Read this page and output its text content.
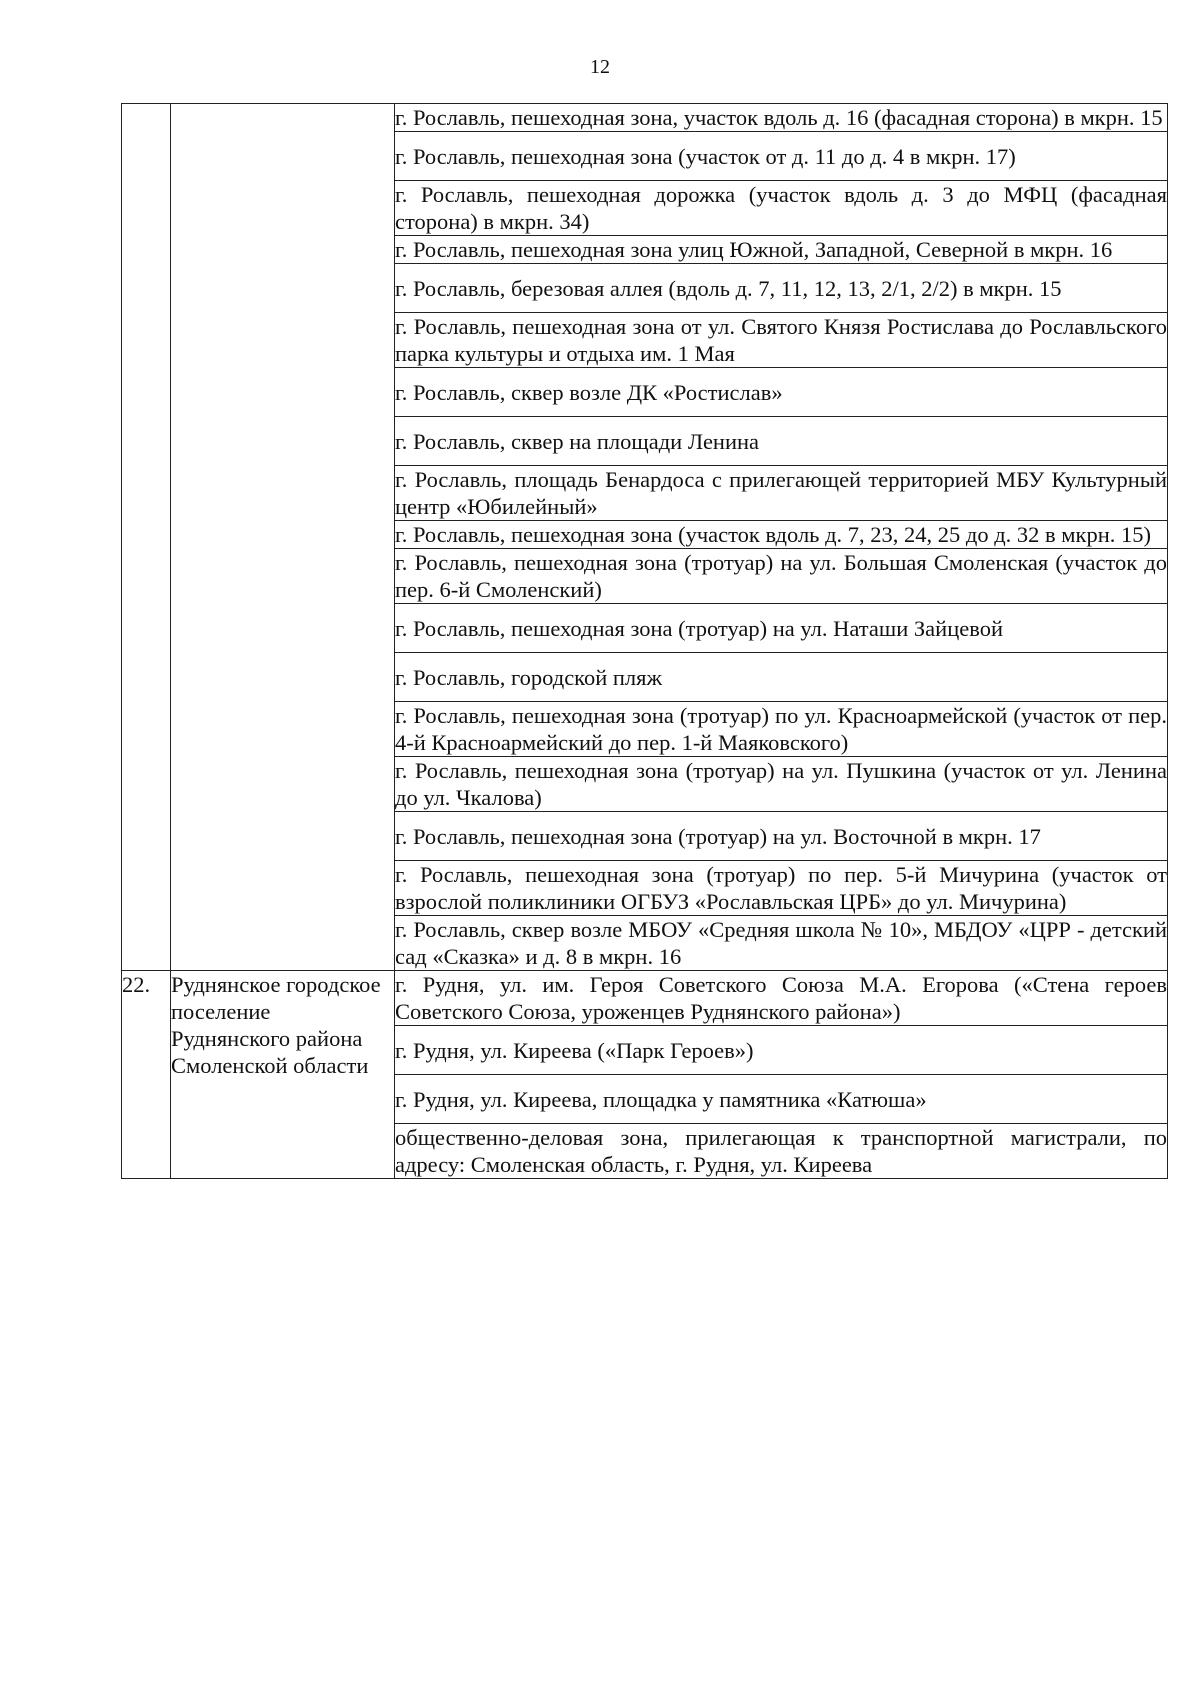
12
		г. Рославль, пешеходная зона, участок вдоль д. 16 (фасадная сторона) в мкрн. 15
		г. Рославль, пешеходная зона (участок от д. 11 до д. 4 в мкрн. 17)
		г. Рославль, пешеходная дорожка (участок вдоль д. 3 до МФЦ (фасадная сторона) в мкрн. 34)
		г. Рославль, пешеходная зона улиц Южной, Западной, Северной в мкрн. 16
		г. Рославль, березовая аллея (вдоль д. 7, 11, 12, 13, 2/1, 2/2) в мкрн. 15
		г. Рославль, пешеходная зона от ул. Святого Князя Ростислава до Рославльского парка культуры и отдыха им. 1 Мая
		г. Рославль, сквер возле ДК «Ростислав»
		г. Рославль, сквер на площади Ленина
		г. Рославль, площадь Бенардоса с прилегающей территорией МБУ Культурный центр «Юбилейный»
		г. Рославль, пешеходная зона (участок вдоль д. 7, 23, 24, 25 до д. 32 в мкрн. 15)
		г. Рославль, пешеходная зона (тротуар) на ул. Большая Смоленская (участок до пер. 6-й Смоленский)
		г. Рославль, пешеходная зона (тротуар) на ул. Наташи Зайцевой
		г. Рославль, городской пляж
		г. Рославль, пешеходная зона (тротуар) по ул. Красноармейской (участок от пер. 4-й Красноармейский до пер. 1-й Маяковского)
		г. Рославль, пешеходная зона (тротуар) на ул. Пушкина (участок от ул. Ленина до ул. Чкалова)
		г. Рославль, пешеходная зона (тротуар) на ул. Восточной в мкрн. 17
		г. Рославль, пешеходная зона (тротуар) по пер. 5-й Мичурина (участок от взрослой поликлиники ОГБУЗ «Рославльская ЦРБ» до ул. Мичурина)
		г. Рославль, сквер возле МБОУ «Средняя школа № 10», МБДОУ «ЦРР - детский сад «Сказка» и д. 8 в мкрн. 16
22.	Руднянское городское поселение Руднянского района Смоленской области	г. Рудня, ул. им. Героя Советского Союза М.А. Егорова («Стена героев Советского Союза, уроженцев Руднянского района»)
		г. Рудня, ул. Киреева («Парк Героев»)
		г. Рудня, ул. Киреева, площадка у памятника «Катюша»
		общественно-деловая зона, прилегающая к транспортной магистрали, по адресу: Смоленская область, г. Рудня, ул. Киреева
